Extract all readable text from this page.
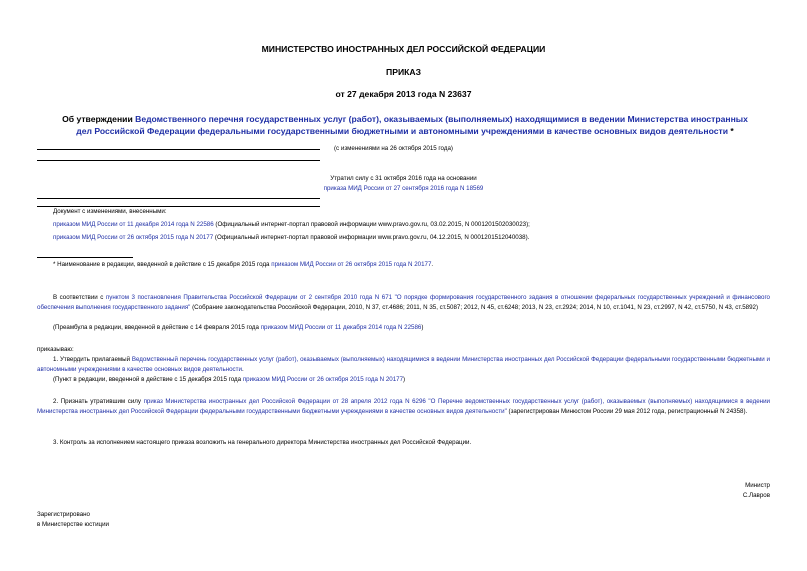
МИНИСТЕРСТВО ИНОСТРАННЫХ ДЕЛ РОССИЙСКОЙ ФЕДЕРАЦИИ
ПРИКАЗ
от 27 декабря 2013 года N 23637
Об утверждении Ведомственного перечня государственных услуг (работ), оказываемых (выполняемых) находящимися в ведении Министерства иностранных дел Российской Федерации федеральными государственными бюджетными и автономными учреждениями в качестве основных видов деятельности *
(с изменениями на 26 октября 2015 года)
Утратил силу с 31 октября 2016 года на основании
приказа МИД России от 27 сентября 2016 года N 18569
Документ с изменениями, внесенными:
приказом МИД России от 11 декабря 2014 года N 22586 (Официальный интернет-портал правовой информации www.pravo.gov.ru, 03.02.2015, N 0001201502030023);
приказом МИД России от 26 октября 2015 года N 20177 (Официальный интернет-портал правовой информации www.pravo.gov.ru, 04.12.2015, N 0001201512040038).
* Наименование в редакции, введенной в действие с 15 декабря 2015 года приказом МИД России от 26 октября 2015 года N 20177.
В соответствии с пунктом 3 постановления Правительства Российской Федерации от 2 сентября 2010 года N 671 "О порядке формирования государственного задания в отношении федеральных государственных учреждений и финансового обеспечения выполнения государственного задания" (Собрание законодательства Российской Федерации, 2010, N 37, ст.4686; 2011, N 35, ст.5087; 2012, N 45, ст.6248; 2013, N 23, ст.2924; 2014, N 10, ст.1041, N 23, ст.2997, N 42, ст.5750, N 43, ст.5892)
(Преамбула в редакции, введенной в действие с 14 февраля 2015 года приказом МИД России от 11 декабря 2014 года N 22586)
приказываю:
1. Утвердить прилагаемый Ведомственный перечень государственных услуг (работ), оказываемых (выполняемых) находящимися в ведении Министерства иностранных дел Российской Федерации федеральными государственными бюджетными и автономными учреждениями в качестве основных видов деятельности.
(Пункт в редакции, введенной в действие с 15 декабря 2015 года приказом МИД России от 26 октября 2015 года N 20177)
2. Признать утратившим силу приказ Министерства иностранных дел Российской Федерации от 28 апреля 2012 года N 6296 "О Перечне ведомственных государственных услуг (работ), оказываемых (выполняемых) находящимися в ведении Министерства иностранных дел Российской Федерации федеральными государственными бюджетными учреждениями в качестве основных видов деятельности" (зарегистрирован Минюстом России 29 мая 2012 года, регистрационный N 24358).
3. Контроль за исполнением настоящего приказа возложить на генерального директора Министерства иностранных дел Российской Федерации.
Министр
С.Лавров
Зарегистрировано
в Министерстве юстиции
